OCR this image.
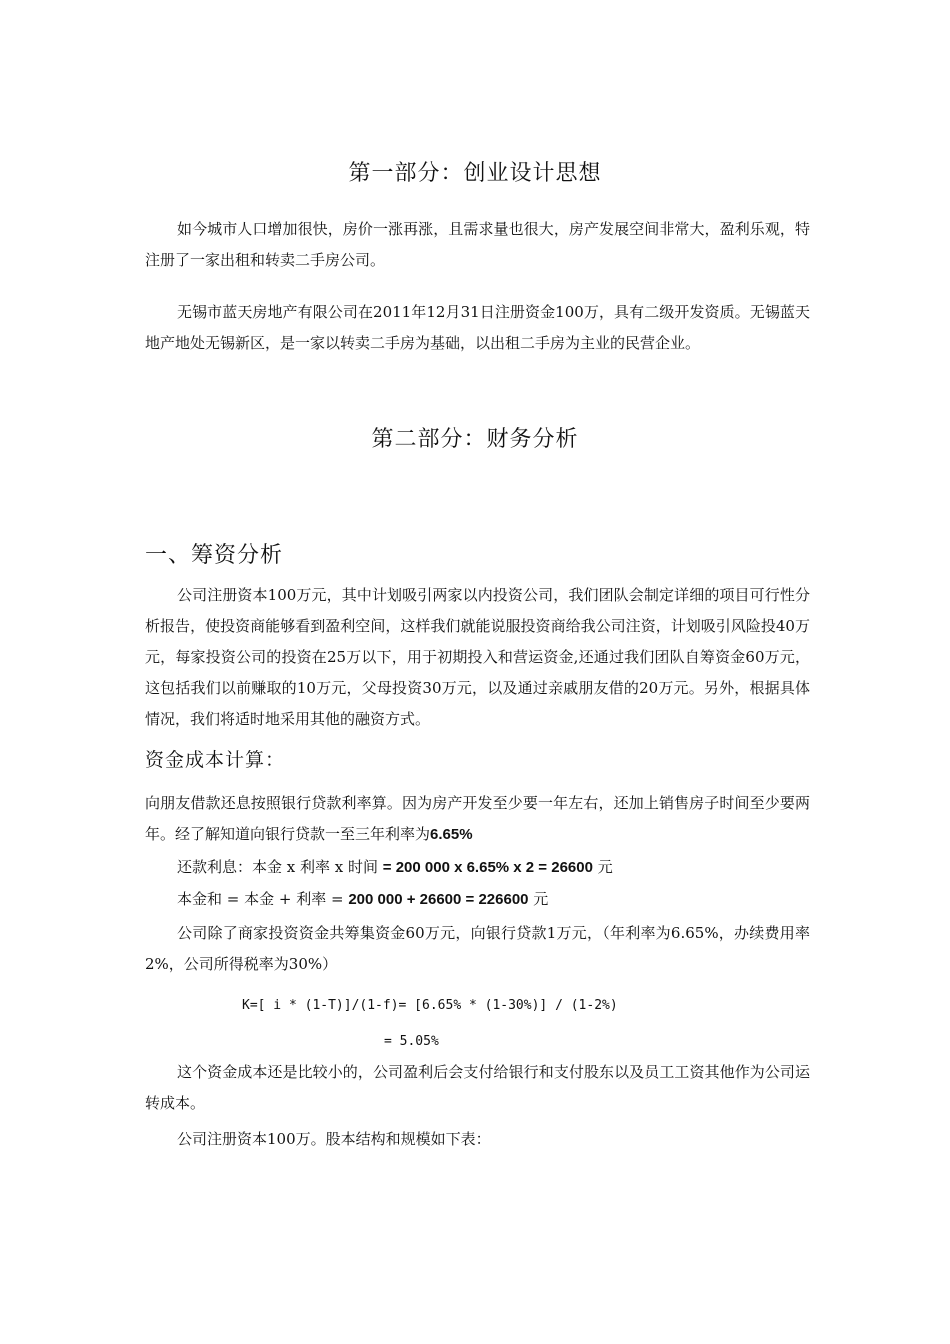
第一部分：创业设计思想

如今城市人口增加很快，房价一涨再涨，且需求量也很大，房产发展空间非常大，盈利乐观，特注册了一家出租和转卖二手房公司。

无锡市蓝天房地产有限公司在2011年12月31日注册资金100万，具有二级开发资质。无锡蓝天地产地处无锡新区，是一家以转卖二手房为基础，以出租二手房为主业的民营企业。

第二部分：财务分析
一、筹资分析

公司注册资本100万元，其中计划吸引两家以内投资公司，我们团队会制定详细的项目可行性分析报告，使投资商能够看到盈利空间，这样我们就能说服投资商给我公司注资，计划吸引风险投40万元，每家投资公司的投资在25万以下，用于初期投入和营运资金,还通过我们团队自筹资金60万元，这包括我们以前赚取的10万元，父母投资30万元，以及通过亲戚朋友借的20万元。另外，根据具体情况，我们将适时地采用其他的融资方式。

资金成本计算：

向朋友借款还息按照银行贷款利率算。因为房产开发至少要一年左右，还加上销售房子时间至少要两年。经了解知道向银行贷款一至三年利率为6.65%

还款利息：本金 x 利率 x 时间 = 200 000 x 6.65% x 2 = 26600 元

本金和 = 本金 + 利率 = 200 000 + 26600 = 226600 元

公司除了商家投资资金共筹集资金60万元，向银行贷款1万元，（年利率为6.65%，办续费用率2%，公司所得税率为30%）

K=[ i * (1-T)]/(1-f)= [6.65% * (1-30%)] / (1-2%)

= 5.05%

这个资金成本还是比较小的，公司盈利后会支付给银行和支付股东以及员工工资其他作为公司运转成本。

公司注册资本100万。股本结构和规模如下表：
